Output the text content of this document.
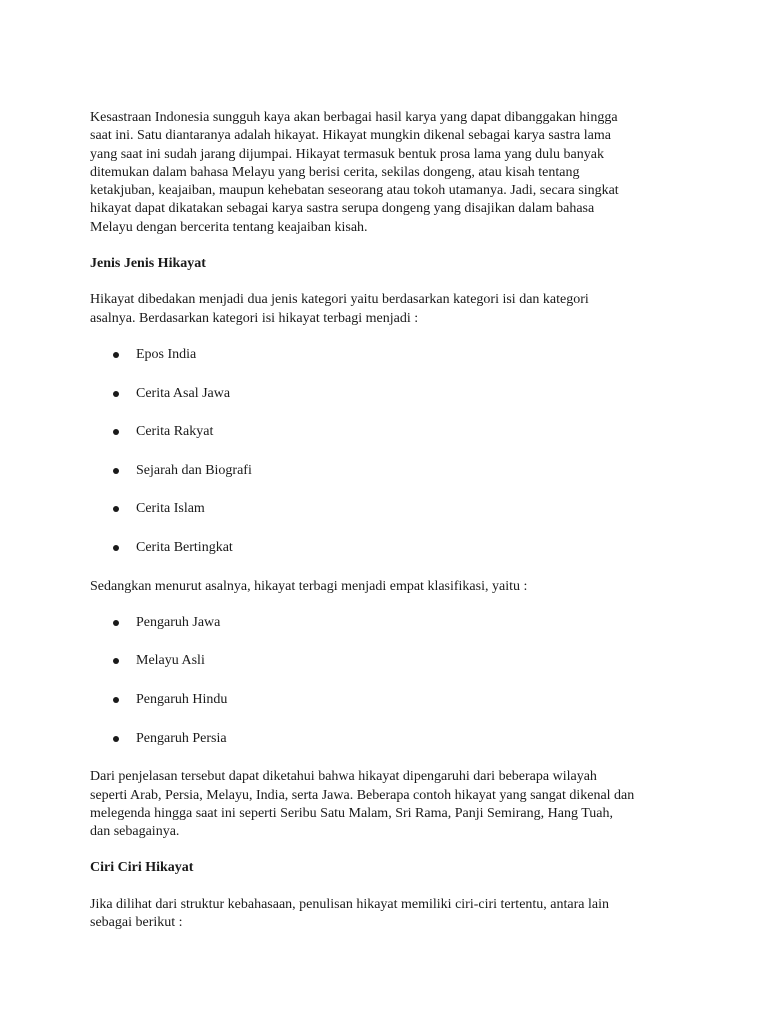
Kesastraan Indonesia sungguh kaya akan berbagai hasil karya yang dapat dibanggakan hingga
saat ini. Satu diantaranya adalah hikayat. Hikayat mungkin dikenal sebagai karya sastra lama
yang saat ini sudah jarang dijumpai. Hikayat termasuk bentuk prosa lama yang dulu banyak
ditemukan dalam bahasa Melayu yang berisi cerita, sekilas dongeng, atau kisah tentang
ketakjuban, keajaiban, maupun kehebatan seseorang atau tokoh utamanya. Jadi, secara singkat
hikayat dapat dikatakan sebagai karya sastra serupa dongeng yang disajikan dalam bahasa
Melayu dengan bercerita tentang keajaiban kisah.

Jenis Jenis Hikayat

Hikayat dibedakan menjadi dua jenis kategori yaitu berdasarkan kategori isi dan kategori
asalnya. Berdasarkan kategori isi hikayat terbagi menjadi :

Epos India
Cerita Asal Jawa
Cerita Rakyat
Sejarah dan Biografi
Cerita Islam
Cerita Bertingkat

Sedangkan menurut asalnya, hikayat terbagi menjadi empat klasifikasi, yaitu :

Pengaruh Jawa
Melayu Asli
Pengaruh Hindu
Pengaruh Persia

Dari penjelasan tersebut dapat diketahui bahwa hikayat dipengaruhi dari beberapa wilayah
seperti Arab, Persia, Melayu, India, serta Jawa. Beberapa contoh hikayat yang sangat dikenal dan
melegenda hingga saat ini seperti Seribu Satu Malam, Sri Rama, Panji Semirang, Hang Tuah,
dan sebagainya.

Ciri Ciri Hikayat

Jika dilihat dari struktur kebahasaan, penulisan hikayat memiliki ciri-ciri tertentu, antara lain
sebagai berikut :
